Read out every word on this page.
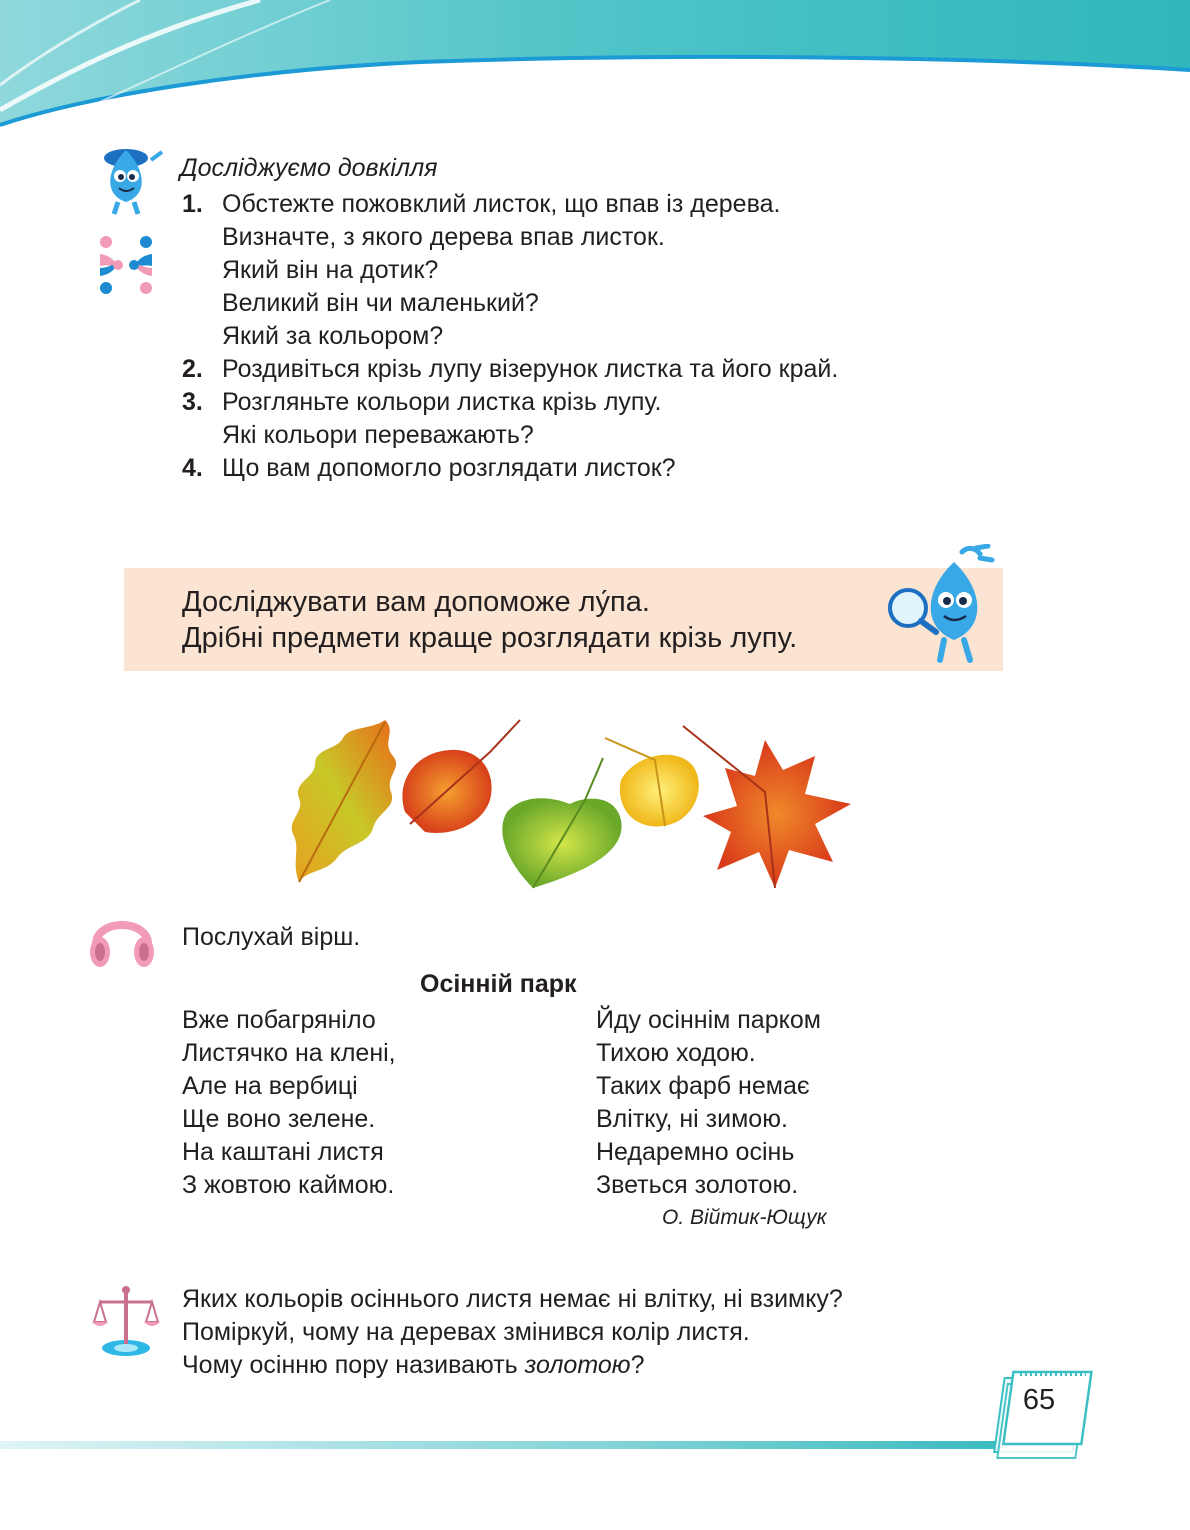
Досліджуємо довкілля
1. Обстежте пожовклий листок, що впав із дерева.
Визначте, з якого дерева впав листок.
Який він на дотик?
Великий він чи маленький?
Який за кольором?
2. Роздивіться крізь лупу візерунок листка та його край.
3. Розгляньте кольори листка крізь лупу.
Які кольори переважають?
4. Що вам допомогло розглядати листок?
Досліджувати вам допоможе лу́па.
Дрібні предмети краще розглядати крізь лупу.
Послухай вірш.
Осінній парк
Вже побагряніло
Листячко на клені,
Але на вербиці
Ще воно зелене.
На каштані листя
З жовтою каймою.
Йду осіннім парком
Тихою ходою.
Таких фарб немає
Влітку, ні зимою.
Недаремно осінь
Зветься золотою.
О. Війтик-Ющук
Яких кольорів осіннього листя немає ні влітку, ні взимку?
Поміркуй, чому на деревах змінився колір листя.
Чому осінню пору називають золотою?
65
